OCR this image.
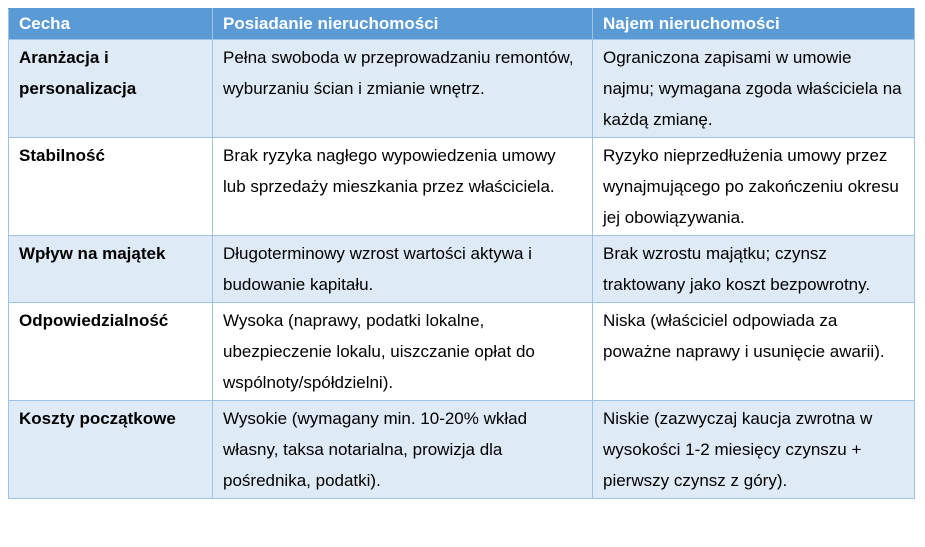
Cecha	Posiadanie nieruchomości	Najem nieruchomości
Aranżacja i personalizacja	Pełna swoboda w przeprowadzaniu remontów, wyburzaniu ścian i zmianie wnętrz.	Ograniczona zapisami w umowie najmu; wymagana zgoda właściciela na każdą zmianę.
Stabilność	Brak ryzyka nagłego wypowiedzenia umowy lub sprzedaży mieszkania przez właściciela.	Ryzyko nieprzedłużenia umowy przez wynajmującego po zakończeniu okresu jej obowiązywania.
Wpływ na majątek	Długoterminowy wzrost wartości aktywa i budowanie kapitału.	Brak wzrostu majątku; czynsz traktowany jako koszt bezpowrotny.
Odpowiedzialność	Wysoka (naprawy, podatki lokalne, ubezpieczenie lokalu, uiszczanie opłat do wspólnoty/spółdzielni).	Niska (właściciel odpowiada za poważne naprawy i usunięcie awarii).
Koszty początkowe	Wysokie (wymagany min. 10-20% wkład własny, taksa notarialna, prowizja dla pośrednika, podatki).	Niskie (zazwyczaj kaucja zwrotna w wysokości 1-2 miesięcy czynszu + pierwszy czynsz z góry).
